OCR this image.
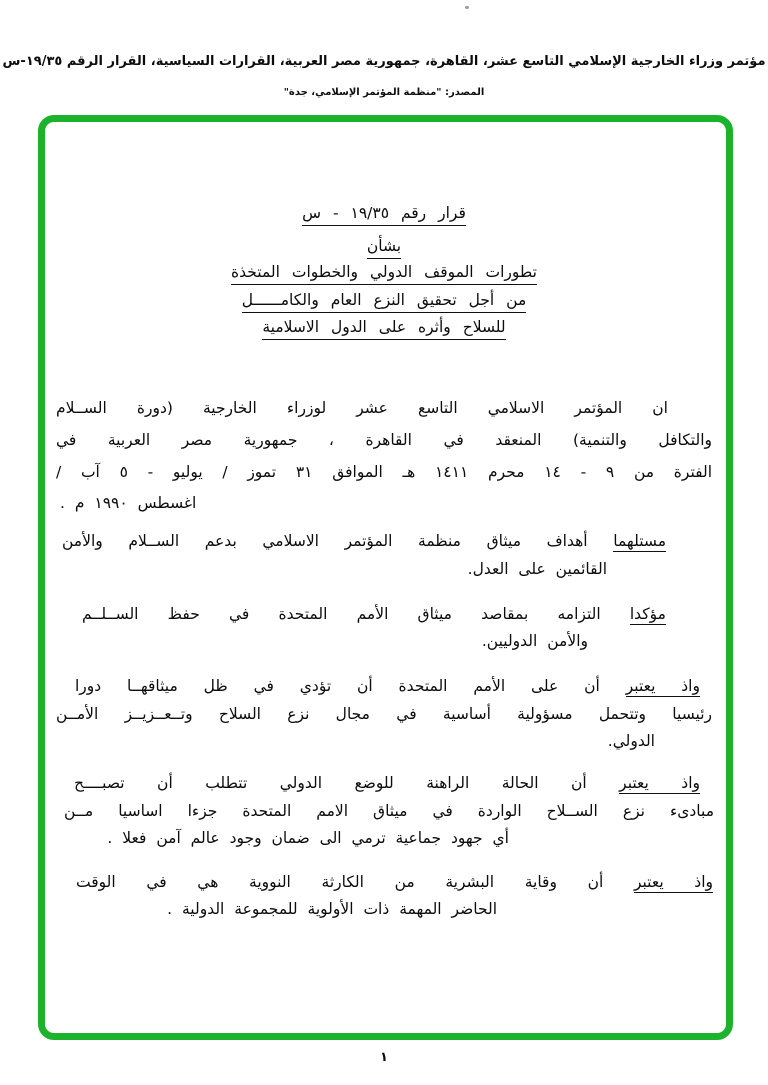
مؤتمر وزراء الخارجية الإسلامي التاسع عشر، القاهرة، جمهورية مصر العربية، القرارات السياسية، القرار الرقم ١٩/٣٥-س
المصدر: "منظمة المؤتمر الإسلامي، جدة"
قرار رقم ١٩/٣٥ - س
بشأن
تطورات الموقف الدولي والخطوات المتخذة
من أجل تحقيق النزع العام والكامــــــل
للسلاح وأثره على الدول الاسلامية
ان المؤتمر الاسلامي التاسع عشر لوزراء الخارجية (دورة الســلام
والتكافل والتنمية) المنعقد في القاهرة ، جمهورية مصر العربية في
الفترة من ٩ - ١٤ محرم ١٤١١ هـ الموافق ٣١ تموز / يوليو - ٥ آب /
اغسطس ١٩٩٠ م .
مستلهما أهداف ميثاق منظمة المؤتمر الاسلامي بدعم الســلام والأمن
القائمين على العدل.
مؤكدا التزامه بمقاصد ميثاق الأمم المتحدة في حفظ الســلــم
والأمن الدوليين.
واذ يعتبر أن على الأمم المتحدة أن تؤدي في ظل ميثاقهــا دورا
رئيسيا وتتحمل مسؤولية أساسية في مجال نزع السلاح وتــعــزيــز الأمــن
الدولي.
واذ يعتبر أن الحالة الراهنة للوضع الدولي تتطلب أن تصبــــح
مبادىء نزع الســلاح الواردة في ميثاق الامم المتحدة جزءا اساسيا مــن
أي جهود جماعية ترمي الى ضمان وجود عالم آمن فعلا .
واذ يعتبر أن وقاية البشرية من الكارثة النووية هي في الوقت
الحاضر المهمة ذات الأولوية للمجموعة الدولية .
١
